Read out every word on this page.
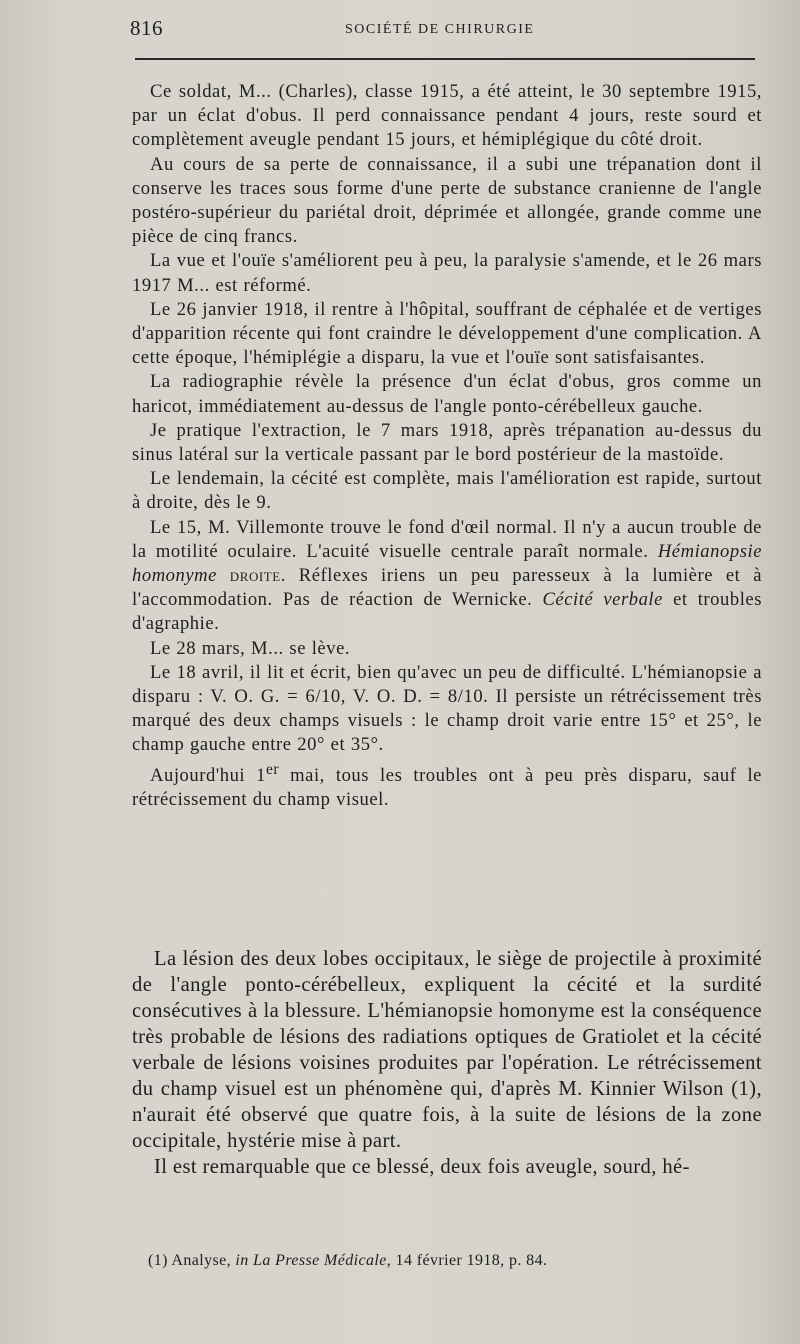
816	SOCIÉTÉ DE CHIRURGIE

Ce soldat, M... (Charles), classe 1915, a été atteint, le 30 septembre 1915, par un éclat d'obus. Il perd connaissance pendant 4 jours, reste sourd et complètement aveugle pendant 15 jours, et hémiplégique du côté droit.

Au cours de sa perte de connaissance, il a subi une trépanation dont il conserve les traces sous forme d'une perte de substance cranienne de l'angle postéro-supérieur du pariétal droit, déprimée et allongée, grande comme une pièce de cinq francs.

La vue et l'ouïe s'améliorent peu à peu, la paralysie s'amende, et le 26 mars 1917 M... est réformé.

Le 26 janvier 1918, il rentre à l'hôpital, souffrant de céphalée et de vertiges d'apparition récente qui font craindre le développement d'une complication. A cette époque, l'hémiplégie a disparu, la vue et l'ouïe sont satisfaisantes.

La radiographie révèle la présence d'un éclat d'obus, gros comme un haricot, immédiatement au-dessus de l'angle ponto-cérébelleux gauche.

Je pratique l'extraction, le 7 mars 1918, après trépanation au-dessus du sinus latéral sur la verticale passant par le bord postérieur de la mastoïde.

Le lendemain, la cécité est complète, mais l'amélioration est rapide, surtout à droite, dès le 9.

Le 15, M. Villemonte trouve le fond d'œil normal. Il n'y a aucun trouble de la motilité oculaire. L'acuité visuelle centrale paraît normale. Hémianopsie homonyme droite. Réflexes iriens un peu paresseux à la lumière et à l'accommodation. Pas de réaction de Wernicke. Cécité verbale et troubles d'agraphie.

Le 28 mars, M... se lève.

Le 18 avril, il lit et écrit, bien qu'avec un peu de difficulté. L'hémianopsie a disparu : V. O. G. = 6/10, V. O. D. = 8/10. Il persiste un rétrécissement très marqué des deux champs visuels : le champ droit varie entre 15° et 25°, le champ gauche entre 20° et 35°.

Aujourd'hui 1er mai, tous les troubles ont à peu près disparu, sauf le rétrécissement du champ visuel.

La lésion des deux lobes occipitaux, le siège de projectile à proximité de l'angle ponto-cérébelleux, expliquent la cécité et la surdité consécutives à la blessure. L'hémianopsie homonyme est la conséquence très probable de lésions des radiations optiques de Gratiolet et la cécité verbale de lésions voisines produites par l'opération. Le rétrécissement du champ visuel est un phénomène qui, d'après M. Kinnier Wilson (1), n'aurait été observé que quatre fois, à la suite de lésions de la zone occipitale, hystérie mise à part.

Il est remarquable que ce blessé, deux fois aveugle, sourd, hé-

(1) Analyse, in La Presse Médicale, 14 février 1918, p. 84.
